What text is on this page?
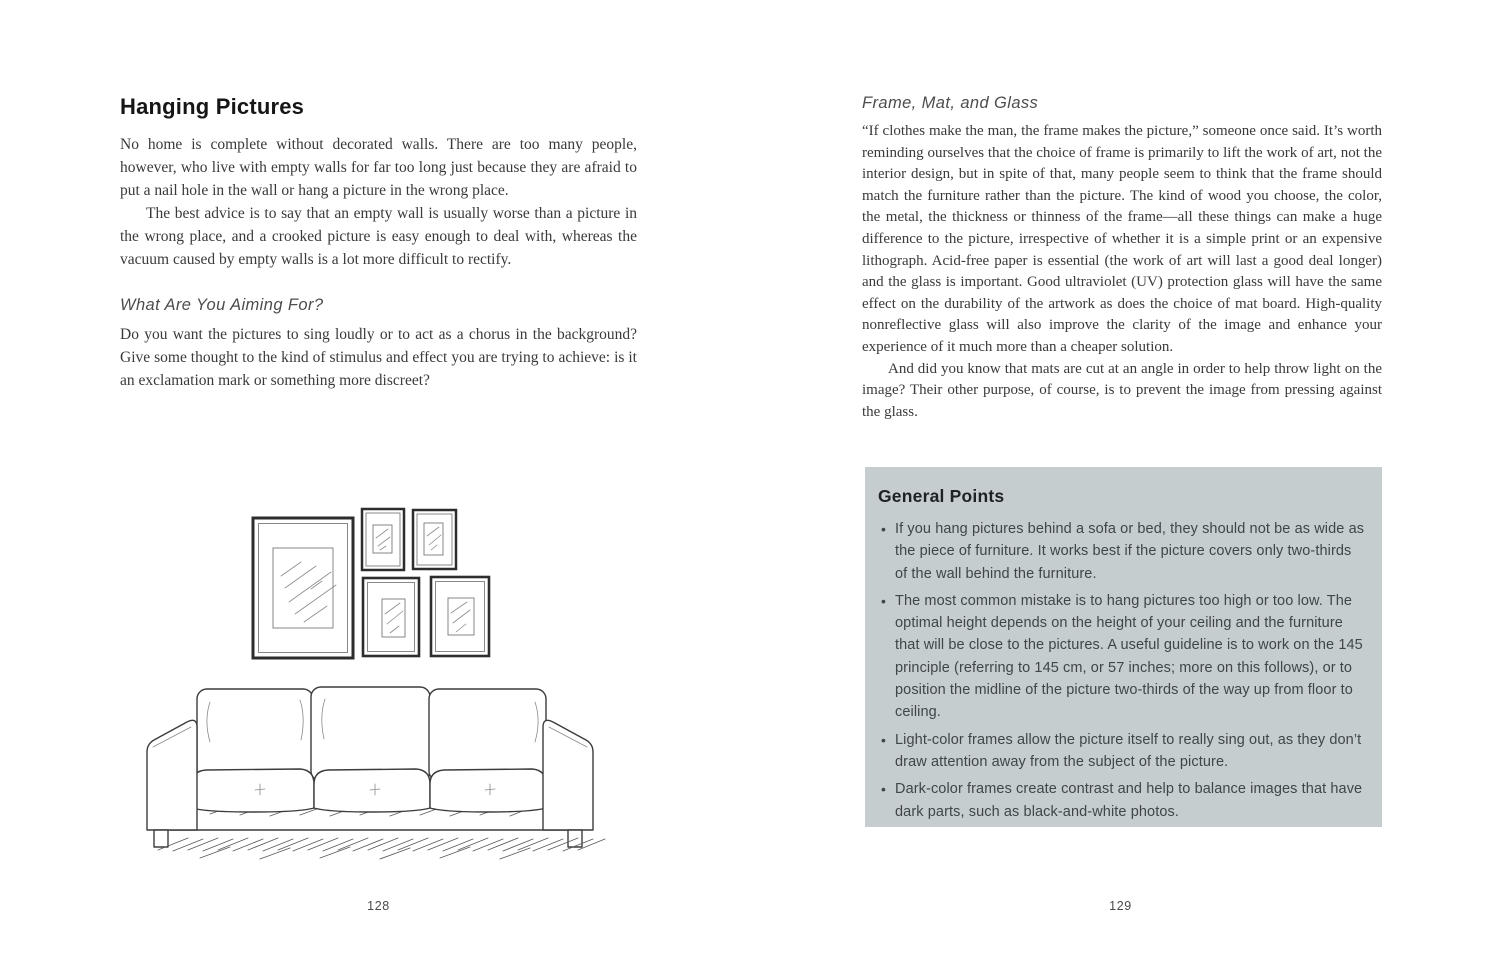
Hanging Pictures

No home is complete without decorated walls. There are too many people, however, who live with empty walls for far too long just because they are afraid to put a nail hole in the wall or hang a picture in the wrong place.

The best advice is to say that an empty wall is usually worse than a picture in the wrong place, and a crooked picture is easy enough to deal with, whereas the vacuum caused by empty walls is a lot more difficult to rectify.

What Are You Aiming For?

Do you want the pictures to sing loudly or to act as a chorus in the background? Give some thought to the kind of stimulus and effect you are trying to achieve: is it an exclamation mark or something more discreet?

128
Frame, Mat, and Glass

“If clothes make the man, the frame makes the picture,” someone once said. It’s worth reminding ourselves that the choice of frame is primarily to lift the work of art, not the interior design, but in spite of that, many people seem to think that the frame should match the furniture rather than the picture. The kind of wood you choose, the color, the metal, the thickness or thinness of the frame—all these things can make a huge difference to the picture, irrespective of whether it is a simple print or an expensive lithograph. Acid-free paper is essential (the work of art will last a good deal longer) and the glass is important. Good ultraviolet (UV) protection glass will have the same effect on the durability of the artwork as does the choice of mat board. High-quality nonreflective glass will also improve the clarity of the image and enhance your experience of it much more than a cheaper solution.

And did you know that mats are cut at an angle in order to help throw light on the image? Their other purpose, of course, is to prevent the image from pressing against the glass.

General Points
• If you hang pictures behind a sofa or bed, they should not be as wide as the piece of furniture. It works best if the picture covers only two-thirds of the wall behind the furniture.
• The most common mistake is to hang pictures too high or too low. The optimal height depends on the height of your ceiling and the furniture that will be close to the pictures. A useful guideline is to work on the 145 principle (referring to 145 cm, or 57 inches; more on this follows), or to position the midline of the picture two-thirds of the way up from floor to ceiling.
• Light-color frames allow the picture itself to really sing out, as they don’t draw attention away from the subject of the picture.
• Dark-color frames create contrast and help to balance images that have dark parts, such as black-and-white photos.
129
